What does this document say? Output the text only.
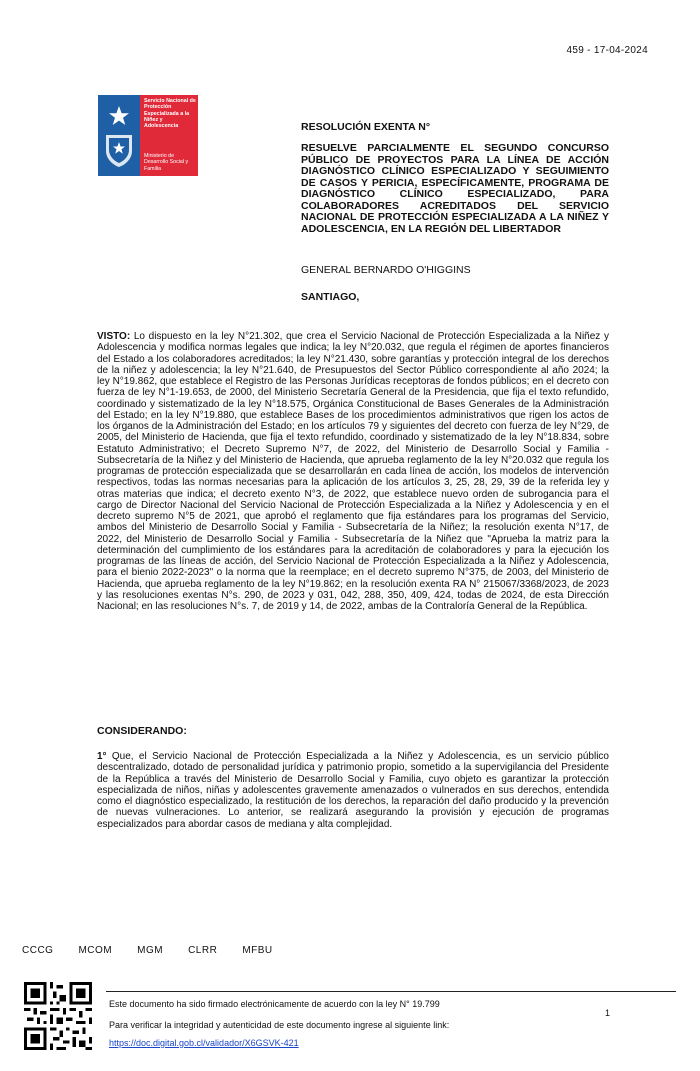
459 - 17-04-2024
Servicio Nacional de Protección Especializada a la Niñez y Adolescencia
Ministerio de Desarrollo Social y Familia
RESOLUCIÓN EXENTA N°
RESUELVE PARCIALMENTE EL SEGUNDO CONCURSO PÚBLICO DE PROYECTOS PARA LA LÍNEA DE ACCIÓN DIAGNÓSTICO CLÍNICO ESPECIALIZADO Y SEGUIMIENTO DE CASOS Y PERICIA, ESPECÍFICAMENTE, PROGRAMA DE DIAGNÓSTICO CLÍNICO ESPECIALIZADO, PARA COLABORADORES ACREDITADOS DEL SERVICIO NACIONAL DE PROTECCIÓN ESPECIALIZADA A LA NIÑEZ Y ADOLESCENCIA, EN LA REGIÓN DEL LIBERTADOR
GENERAL BERNARDO O'HIGGINS
SANTIAGO,
VISTO: Lo dispuesto en la ley N°21.302, que crea el Servicio Nacional de Protección Especializada a la Niñez y Adolescencia y modifica normas legales que indica; la ley N°20.032, que regula el régimen de aportes financieros del Estado a los colaboradores acreditados; la ley N°21.430, sobre garantías y protección integral de los derechos de la niñez y adolescencia; la ley N°21.640, de Presupuestos del Sector Público correspondiente al año 2024; la ley N°19.862, que establece el Registro de las Personas Jurídicas receptoras de fondos públicos; en el decreto con fuerza de ley N°1-19.653, de 2000, del Ministerio Secretaría General de la Presidencia, que fija el texto refundido, coordinado y sistematizado de la ley N°18.575, Orgánica Constitucional de Bases Generales de la Administración del Estado; en la ley N°19.880, que establece Bases de los procedimientos administrativos que rigen los actos de los órganos de la Administración del Estado; en los artículos 79 y siguientes del decreto con fuerza de ley N°29, de 2005, del Ministerio de Hacienda, que fija el texto refundido, coordinado y sistematizado de la ley N°18.834, sobre Estatuto Administrativo; el Decreto Supremo N°7, de 2022, del Ministerio de Desarrollo Social y Familia - Subsecretaría de la Niñez y del Ministerio de Hacienda, que aprueba reglamento de la ley N°20.032 que regula los programas de protección especializada que se desarrollarán en cada línea de acción, los modelos de intervención respectivos, todas las normas necesarias para la aplicación de los artículos 3, 25, 28, 29, 39 de la referida ley y otras materias que indica; el decreto exento N°3, de 2022, que establece nuevo orden de subrogancia para el cargo de Director Nacional del Servicio Nacional de Protección Especializada a la Niñez y Adolescencia y en el decreto supremo N°5 de 2021, que aprobó el reglamento que fija estándares para los programas del Servicio, ambos del Ministerio de Desarrollo Social y Familia - Subsecretaría de la Niñez; la resolución exenta N°17, de 2022, del Ministerio de Desarrollo Social y Familia - Subsecretaría de la Niñez que "Aprueba la matriz para la determinación del cumplimiento de los estándares para la acreditación de colaboradores y para la ejecución los programas de las líneas de acción, del Servicio Nacional de Protección Especializada a la Niñez y Adolescencia, para el bienio 2022-2023" o la norma que la reemplace; en el decreto supremo N°375, de 2003, del Ministerio de Hacienda, que aprueba reglamento de la ley N°19.862; en la resolución exenta RA N° 215067/3368/2023, de 2023 y las resoluciones exentas N°s. 290, de 2023 y 031, 042, 288, 350, 409, 424, todas de 2024, de esta Dirección Nacional; en las resoluciones N°s. 7, de 2019 y 14, de 2022, ambas de la Contraloría General de la República.
CONSIDERANDO:
1° Que, el Servicio Nacional de Protección Especializada a la Niñez y Adolescencia, es un servicio público descentralizado, dotado de personalidad jurídica y patrimonio propio, sometido a la supervigilancia del Presidente de la República a través del Ministerio de Desarrollo Social y Familia, cuyo objeto es garantizar la protección especializada de niños, niñas y adolescentes gravemente amenazados o vulnerados en sus derechos, entendida como el diagnóstico especializado, la restitución de los derechos, la reparación del daño producido y la prevención de nuevas vulneraciones. Lo anterior, se realizará asegurando la provisión y ejecución de programas especializados para abordar casos de mediana y alta complejidad.
CCCG	MCOM	MGM	CLRR	MFBU
Este documento ha sido firmado electrónicamente de acuerdo con la ley N° 19.799
Para verificar la integridad y autenticidad de este documento ingrese al siguiente link:
https://doc.digital.gob.cl/validador/X6GSVK-421
1
